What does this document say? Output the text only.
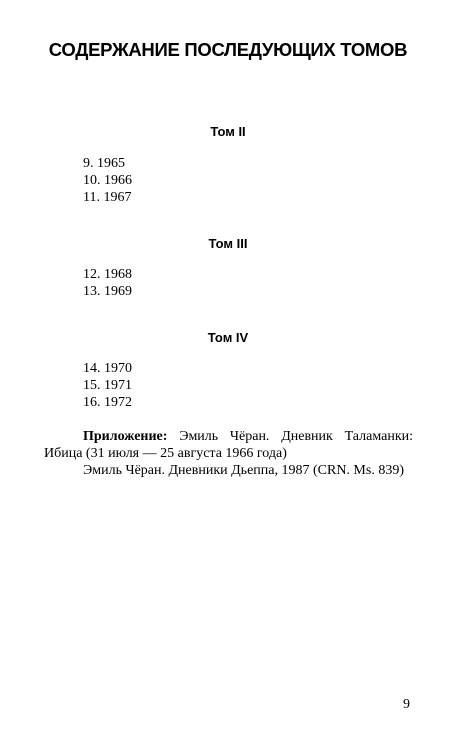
СОДЕРЖАНИЕ ПОСЛЕДУЮЩИХ ТОМОВ
Том II
9. 1965
10. 1966
11. 1967
Том III
12. 1968
13. 1969
Том IV
14. 1970
15. 1971
16. 1972

Приложение: Эмиль Чёран. Дневник Таламанки: Ибица (31 июля — 25 августа 1966 года)

Эмиль Чёран. Дневники Дьеппа, 1987 (CRN. Ms. 839)

9
